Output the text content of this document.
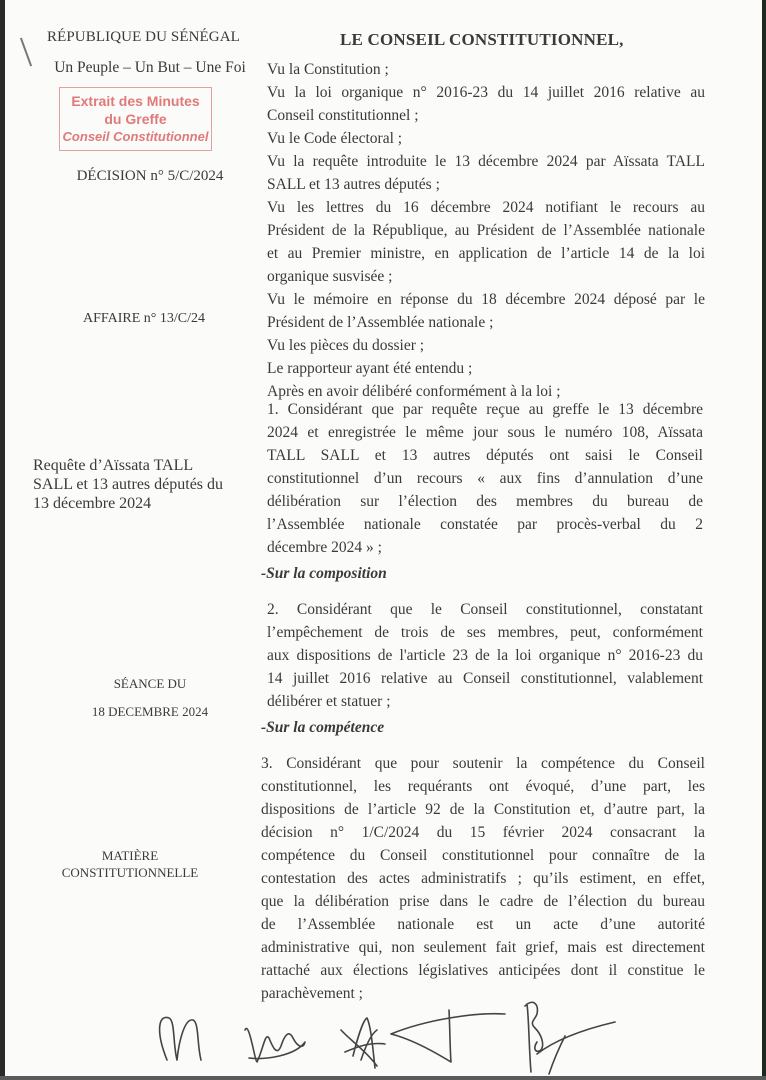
RÉPUBLIQUE DU SÉNÉGAL
Un Peuple – Un But – Une Foi
Extrait des Minutes
du Greffe
Conseil Constitutionnel
DÉCISION n° 5/C/2024
AFFAIRE n° 13/C/24
Requête d’Aïssata TALL SALL et 13 autres députés du 13 décembre 2024
SÉANCE DU
18 DECEMBRE 2024
MATIÈRE
CONSTITUTIONNELLE
LE CONSEIL CONSTITUTIONNEL,

Vu la Constitution ;

Vu la loi organique n° 2016-23 du 14 juillet 2016 relative au
Conseil constitutionnel ;

Vu le Code électoral ;

Vu la requête introduite le 13 décembre 2024 par Aïssata TALL
SALL et 13 autres députés ;

Vu les lettres du 16 décembre 2024 notifiant le recours au
Président de la République, au Président de l’Assemblée nationale
et au Premier ministre, en application de l’article 14 de la loi
organique susvisée ;

Vu le mémoire en réponse du 18 décembre 2024 déposé par le
Président de l’Assemblée nationale ;

Vu les pièces du dossier ;

Le rapporteur ayant été entendu ;

Après en avoir délibéré conformément à la loi ;

1. Considérant que par requête reçue au greffe le 13 décembre
2024 et enregistrée le même jour sous le numéro 108, Aïssata
TALL SALL et 13 autres députés ont saisi le Conseil
constitutionnel d’un recours « aux fins d’annulation d’une
délibération sur l’élection des membres du bureau de
l’Assemblée nationale constatée par procès-verbal du 2
décembre 2024 » ;
-Sur la composition
2. Considérant que le Conseil constitutionnel, constatant
l’empêchement de trois de ses membres, peut, conformément
aux dispositions de l'article 23 de la loi organique n° 2016-23 du
14 juillet 2016 relative au Conseil constitutionnel, valablement
délibérer et statuer ;
-Sur la compétence
3. Considérant que pour soutenir la compétence du Conseil
constitutionnel, les requérants ont évoqué, d’une part, les
dispositions de l’article 92 de la Constitution et, d’autre part, la
décision n° 1/C/2024 du 15 février 2024 consacrant la
compétence du Conseil constitutionnel pour connaître de la
contestation des actes administratifs ; qu’ils estiment, en effet,
que la délibération prise dans le cadre de l’élection du bureau
de l’Assemblée nationale est un acte d’une autorité
administrative qui, non seulement fait grief, mais est directement
rattaché aux élections législatives anticipées dont il constitue le
parachèvement ;
